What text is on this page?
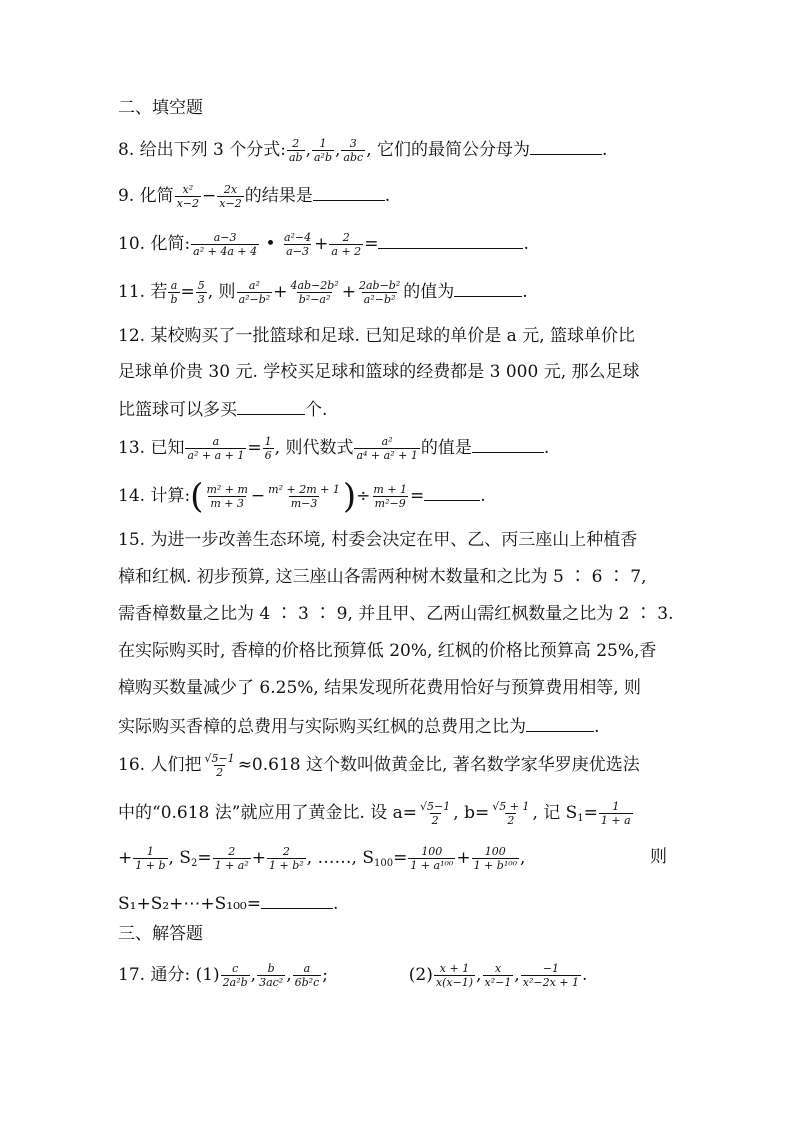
二、填空题
8. 给出下列 3 个分式: $\frac{2}{ab}$ , $\frac{1}{\text{a²b}}$ , $\frac{3}{\text{abc}}$ , 它们的最简公分母为	.
9. 化简 $\frac{\text{x²}}{x-2} - \frac{2x}{x-2}$ 的结果是	.
10. 化简: $\frac{a-3}{\text{a² + 4a + 4}}$ • $\frac{\text{a²−4}}{a-3} + \frac{2}{a + 2}$ =	.
11. 若 $\frac{a}{b} = \frac{5}{3}$ , 则 $\frac{\text{a²}}{\text{a²−b²}} + \frac{\text{4ab−2b²}}{\text{b²−a²}} + \frac{\text{2ab−b²}}{\text{a²−b²}}$ 的值为	.
12. 某校购买了一批篮球和足球. 已知足球的单价是 a 元, 篮球单价比
足球单价贵 30 元. 学校买足球和篮球的经费都是 3 000 元, 那么足球
比篮球可以多买	个.
13. 已知 $\frac{a}{\text{a² + a + 1}} = \frac{1}{6}$ , 则代数式 $\frac{\text{a²}}{\text{a⁴ + a² + 1}}$ 的值是	.
14. 计算:( $\frac{\text{m² + m}}{m + 3} - \frac{\text{m² + 2m + 1}}{m-3}$ )÷ $\frac{m + 1}{\text{m²−9}}$ =	.
15. 为进一步改善生态环境, 村委会决定在甲、乙、丙三座山上种植香
樟和红枫. 初步预算, 这三座山各需两种树木数量和之比为 5 ∶ 6 ∶ 7,
需香樟数量之比为 4 ∶ 3 ∶ 9, 并且甲、乙两山需红枫数量之比为 2 ∶ 3.
在实际购买时, 香樟的价格比预算低 20%, 红枫的价格比预算高 25%,香
樟购买数量减少了 6.25%, 结果发现所花费用恰好与预算费用相等, 则
实际购买香樟的总费用与实际购买红枫的总费用之比为	.
16. 人们把 $\frac{√5-1}{2} \approx 0.618$ 这个数叫做黄金比, 著名数学家华罗庚优选法
中的“0.618 法”就应用了黄金比. 设 $a= \frac{√5-1}{2}$ , $b= \frac{√5 + 1}{2}$ , 记 $S_1= \frac{1}{1 + a}$
+ $\frac{1}{1 + b}$ , $S_2= \frac{2}{\text{1 + a²}} + \frac{2}{\text{1 + b²}}$ , ……, $S_{100}= \frac{100}{\text{1 + a¹⁰⁰}} + \frac{100}{\text{1 + b¹⁰⁰}}$ ,	则
S₁+S₂+⋯+S₁₀₀=	.
三、解答题
17. 通分: $(1) \frac{c}{\text{2a²b}}$ , $\frac{b}{\text{3ac²}}$ , $\frac{a}{\text{6b²c}}$ ;	$(2) \frac{x + 1}{x(x-1)}$ , $\frac{x}{\text{x²−1}}$ , $\frac{-1}{\text{x²−2x + 1}}$ .
